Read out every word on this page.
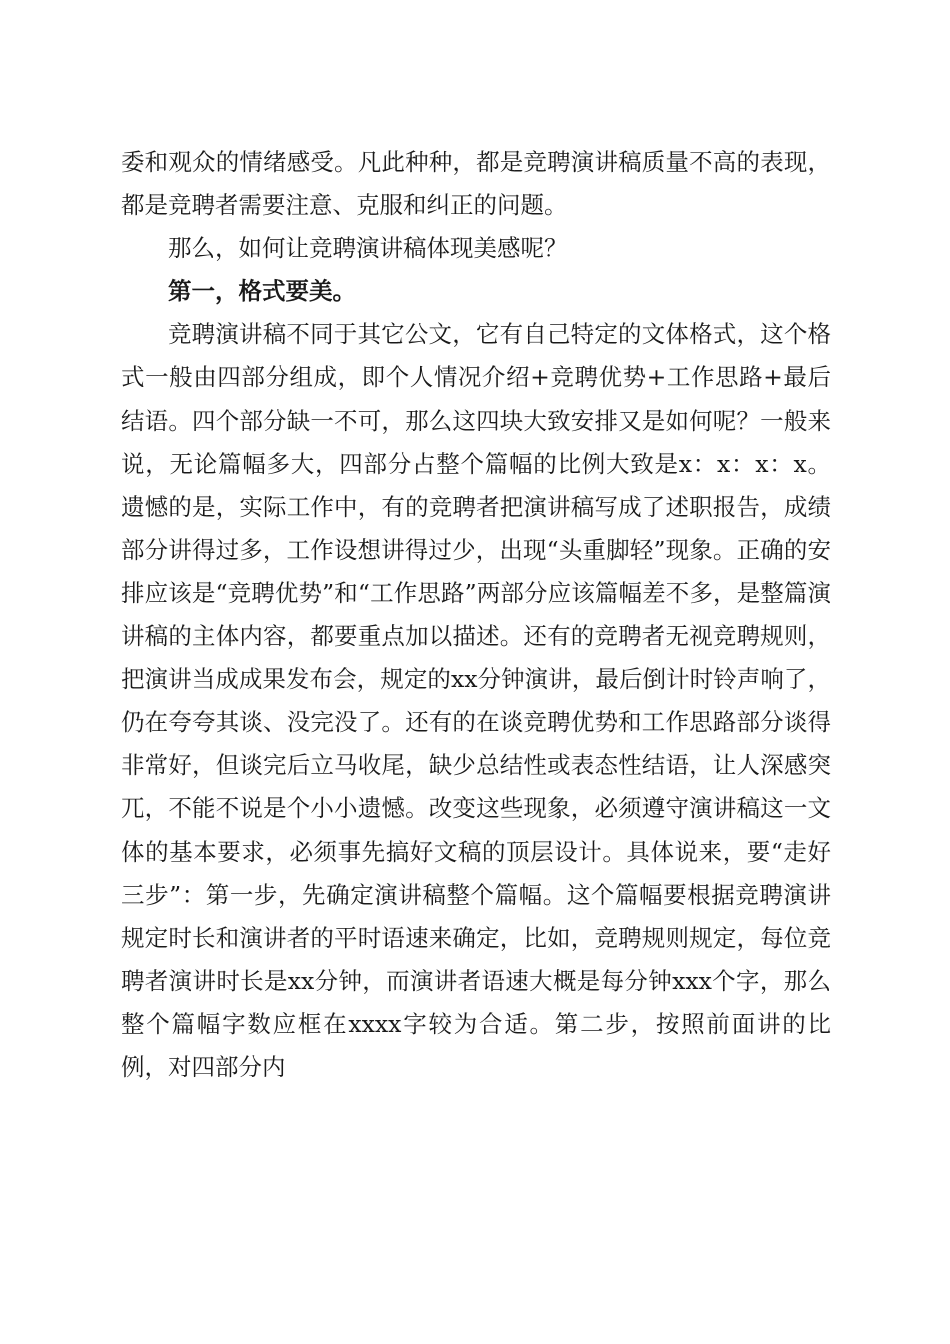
委和观众的情绪感受。凡此种种，都是竞聘演讲稿质量不高的表现，都是竞聘者需要注意、克服和纠正的问题。

那么，如何让竞聘演讲稿体现美感呢？

第一，格式要美。

竞聘演讲稿不同于其它公文，它有自己特定的文体格式，这个格式一般由四部分组成，即个人情况介绍+竞聘优势+工作思路+最后结语。四个部分缺一不可，那么这四块大致安排又是如何呢？一般来说，无论篇幅多大，四部分占整个篇幅的比例大致是x：x：x：x。遗憾的是，实际工作中，有的竞聘者把演讲稿写成了述职报告，成绩部分讲得过多，工作设想讲得过少，出现“头重脚轻”现象。正确的安排应该是“竞聘优势”和“工作思路”两部分应该篇幅差不多，是整篇演讲稿的主体内容，都要重点加以描述。还有的竞聘者无视竞聘规则，把演讲当成成果发布会，规定的xx分钟演讲，最后倒计时铃声响了，仍在夸夸其谈、没完没了。还有的在谈竞聘优势和工作思路部分谈得非常好，但谈完后立马收尾，缺少总结性或表态性结语，让人深感突兀，不能不说是个小小遗憾。改变这些现象，必须遵守演讲稿这一文体的基本要求，必须事先搞好文稿的顶层设计。具体说来，要“走好三步”：第一步，先确定演讲稿整个篇幅。这个篇幅要根据竞聘演讲规定时长和演讲者的平时语速来确定，比如，竞聘规则规定，每位竞聘者演讲时长是xx分钟，而演讲者语速大概是每分钟xxx个字，那么整个篇幅字数应框在xxxx字较为合适。第二步，按照前面讲的比例，对四部分内
